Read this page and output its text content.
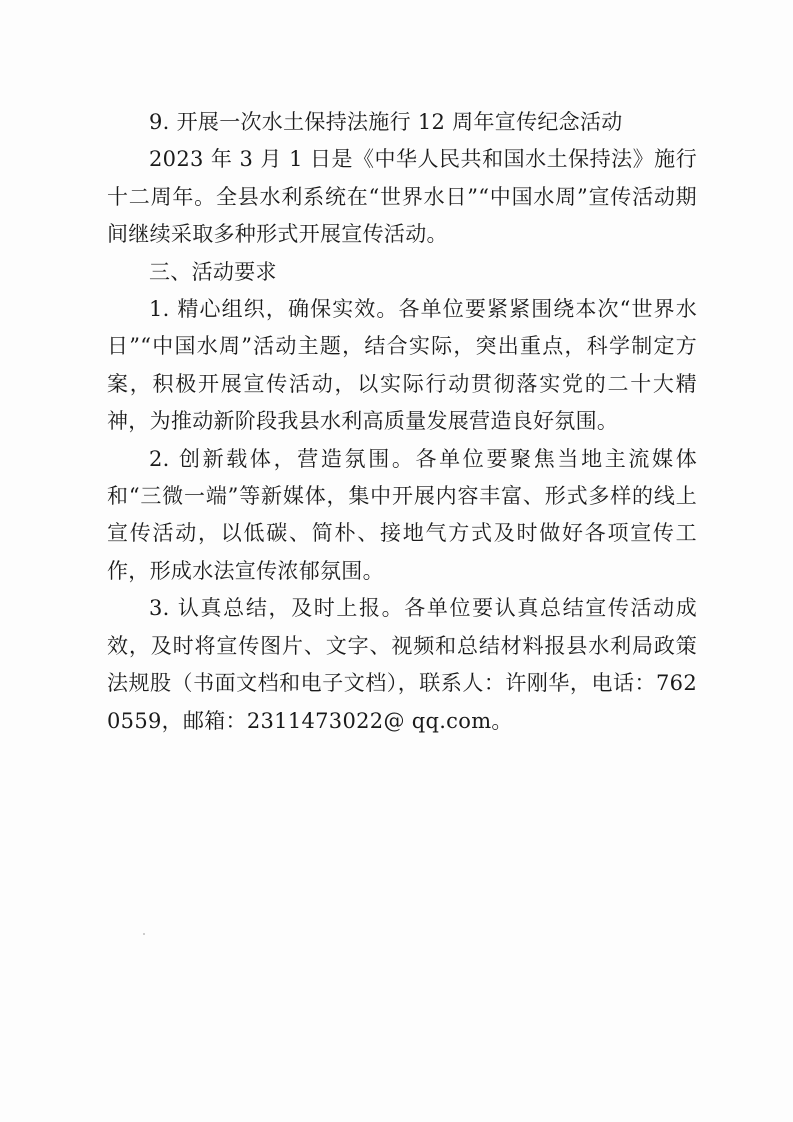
9. 开展一次水土保持法施行 12 周年宣传纪念活动

2023 年 3 月 1 日是《中华人民共和国水土保持法》施行十二周年。全县水利系统在“世界水日”“中国水周”宣传活动期间继续采取多种形式开展宣传活动。

三、活动要求

1. 精心组织，确保实效。各单位要紧紧围绕本次“世界水日”“中国水周”活动主题，结合实际，突出重点，科学制定方案，积极开展宣传活动，以实际行动贯彻落实党的二十大精神，为推动新阶段我县水利高质量发展营造良好氛围。

2. 创新载体，营造氛围。各单位要聚焦当地主流媒体和“三微一端”等新媒体，集中开展内容丰富、形式多样的线上宣传活动，以低碳、简朴、接地气方式及时做好各项宣传工作，形成水法宣传浓郁氛围。

3. 认真总结，及时上报。各单位要认真总结宣传活动成效，及时将宣传图片、文字、视频和总结材料报县水利局政策法规股（书面文档和电子文档），联系人：许刚华，电话：7620559，邮箱：2311473022@ qq.com。
